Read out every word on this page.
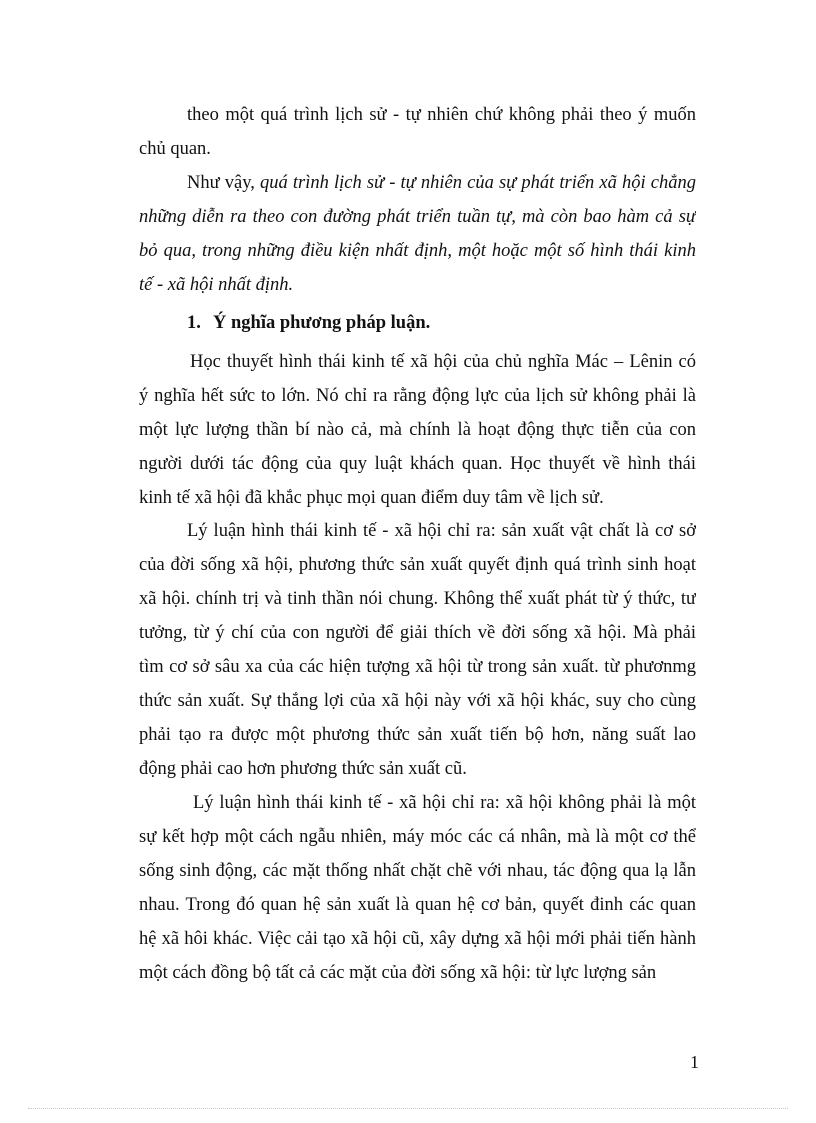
theo một quá trình lịch sử - tự nhiên chứ không phải theo ý muốn
chủ quan.
Như vậy, quá trình lịch sử - tự nhiên của sự phát triển xã hội chẳng
những diễn ra theo con đường phát triển tuần tự, mà còn bao hàm cả sự
bỏ qua, trong những điều kiện nhất định, một hoặc một số hình thái kinh
tế - xã hội nhất định.
1. Ý nghĩa phương pháp luận.
Học thuyết hình thái kinh tế xã hội của chủ nghĩa Mác – Lênin có
ý nghĩa hết sức to lớn. Nó chỉ ra rằng động lực của lịch sử không phải là
một lực lượng thần bí nào cả, mà chính là hoạt động thực tiễn của con
người dưới tác động của quy luật khách quan. Học thuyết về hình thái
kinh tế xã hội đã khắc phục mọi quan điểm duy tâm về lịch sử.
Lý luận hình thái kinh tế - xã hội chỉ ra: sản xuất vật chất là cơ sở
của đời sống xã hội, phương thức sản xuất quyết định quá trình sinh hoạt
xã hội. chính trị và tinh thần nói chung. Không thể xuất phát từ ý thức, tư
tưởng, từ ý chí của con người để giải thích về đời sống xã hội. Mà phải
tìm cơ sở sâu xa của các hiện tượng xã hội từ trong sản xuất. từ phươnmg
thức sản xuất. Sự thắng lợi của xã hội này với xã hội khác, suy cho cùng
phải tạo ra được một phương thức sản xuất tiến bộ hơn, năng suất lao
động phải cao hơn phương thức sản xuất cũ.
Lý luận hình thái kinh tế - xã hội chỉ ra: xã hội không phải là một
sự kết hợp một cách ngẫu nhiên, máy móc các cá nhân, mà là một cơ thể
sống sinh động, các mặt thống nhất chặt chẽ với nhau, tác động qua lạ lẫn
nhau. Trong đó quan hệ sản xuất là quan hệ cơ bản, quyết đinh các quan
hệ xã hôi khác. Việc cải tạo xã hội cũ, xây dựng xã hội mới phải tiến hành
một cách đồng bộ tất cả các mặt của đời sống xã hội: từ lực lượng sản
1
